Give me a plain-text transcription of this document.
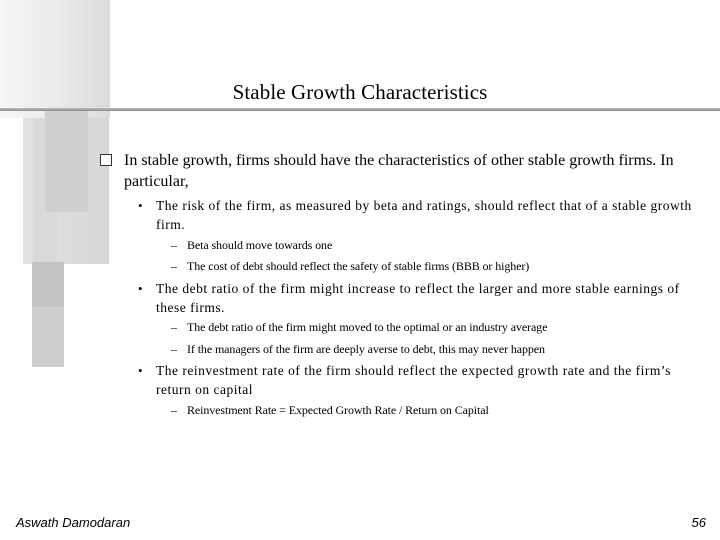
Stable Growth Characteristics
In stable growth, firms should have the characteristics of other stable growth firms. In particular,
• The risk of the firm, as measured by beta and ratings, should reflect that of a stable growth firm.
– Beta should move towards one
– The cost of debt should reflect the safety of stable firms (BBB or higher)
• The debt ratio of the firm might increase to reflect the larger and more stable earnings of these firms.
– The debt ratio of the firm might moved to the optimal or an industry average
– If the managers of the firm are deeply averse to debt, this may never happen
• The reinvestment rate of the firm should reflect the expected growth rate and the firm’s return on capital
– Reinvestment Rate = Expected Growth Rate / Return on Capital
Aswath Damodaran	56
